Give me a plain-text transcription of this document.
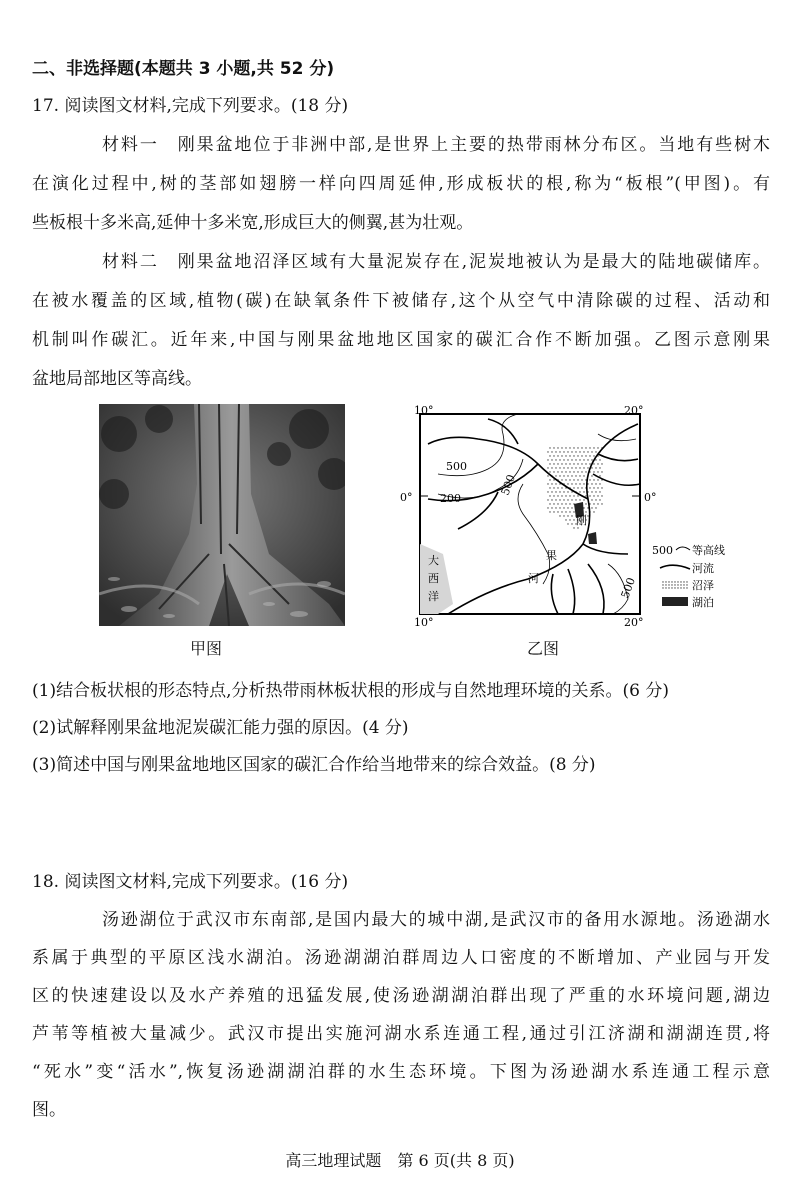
二、非选择题(本题共 3 小题,共 52 分)
17. 阅读图文材料,完成下列要求。(18 分)
材料一　刚果盆地位于非洲中部,是世界上主要的热带雨林分布区。当地有些树木
在演化过程中,树的茎部如翅膀一样向四周延伸,形成板状的根,称为“板根”(甲图)。有
些板根十多米高,延伸十多米宽,形成巨大的侧翼,甚为壮观。
材料二　刚果盆地沼泽区域有大量泥炭存在,泥炭地被认为是最大的陆地碳储库。
在被水覆盖的区域,植物(碳)在缺氧条件下被储存,这个从空气中清除碳的过程、活动和
机制叫作碳汇。近年来,中国与刚果盆地地区国家的碳汇合作不断加强。乙图示意刚果
盆地局部地区等高线。
10°	20°
10°	20°
0°	0°
500
200
500
500
大
西
洋
刚
果
河
500 等高线
河流
沼泽
湖泊
甲图	乙图
(1)结合板状根的形态特点,分析热带雨林板状根的形成与自然地理环境的关系。(6 分)
(2)试解释刚果盆地泥炭碳汇能力强的原因。(4 分)
(3)简述中国与刚果盆地地区国家的碳汇合作给当地带来的综合效益。(8 分)
18. 阅读图文材料,完成下列要求。(16 分)
汤逊湖位于武汉市东南部,是国内最大的城中湖,是武汉市的备用水源地。汤逊湖水
系属于典型的平原区浅水湖泊。汤逊湖湖泊群周边人口密度的不断增加、产业园与开发
区的快速建设以及水产养殖的迅猛发展,使汤逊湖湖泊群出现了严重的水环境问题,湖边
芦苇等植被大量减少。武汉市提出实施河湖水系连通工程,通过引江济湖和湖湖连贯,将
“死水”变“活水”,恢复汤逊湖湖泊群的水生态环境。下图为汤逊湖水系连通工程示意
图。
高三地理试题　第 6 页(共 8 页)
